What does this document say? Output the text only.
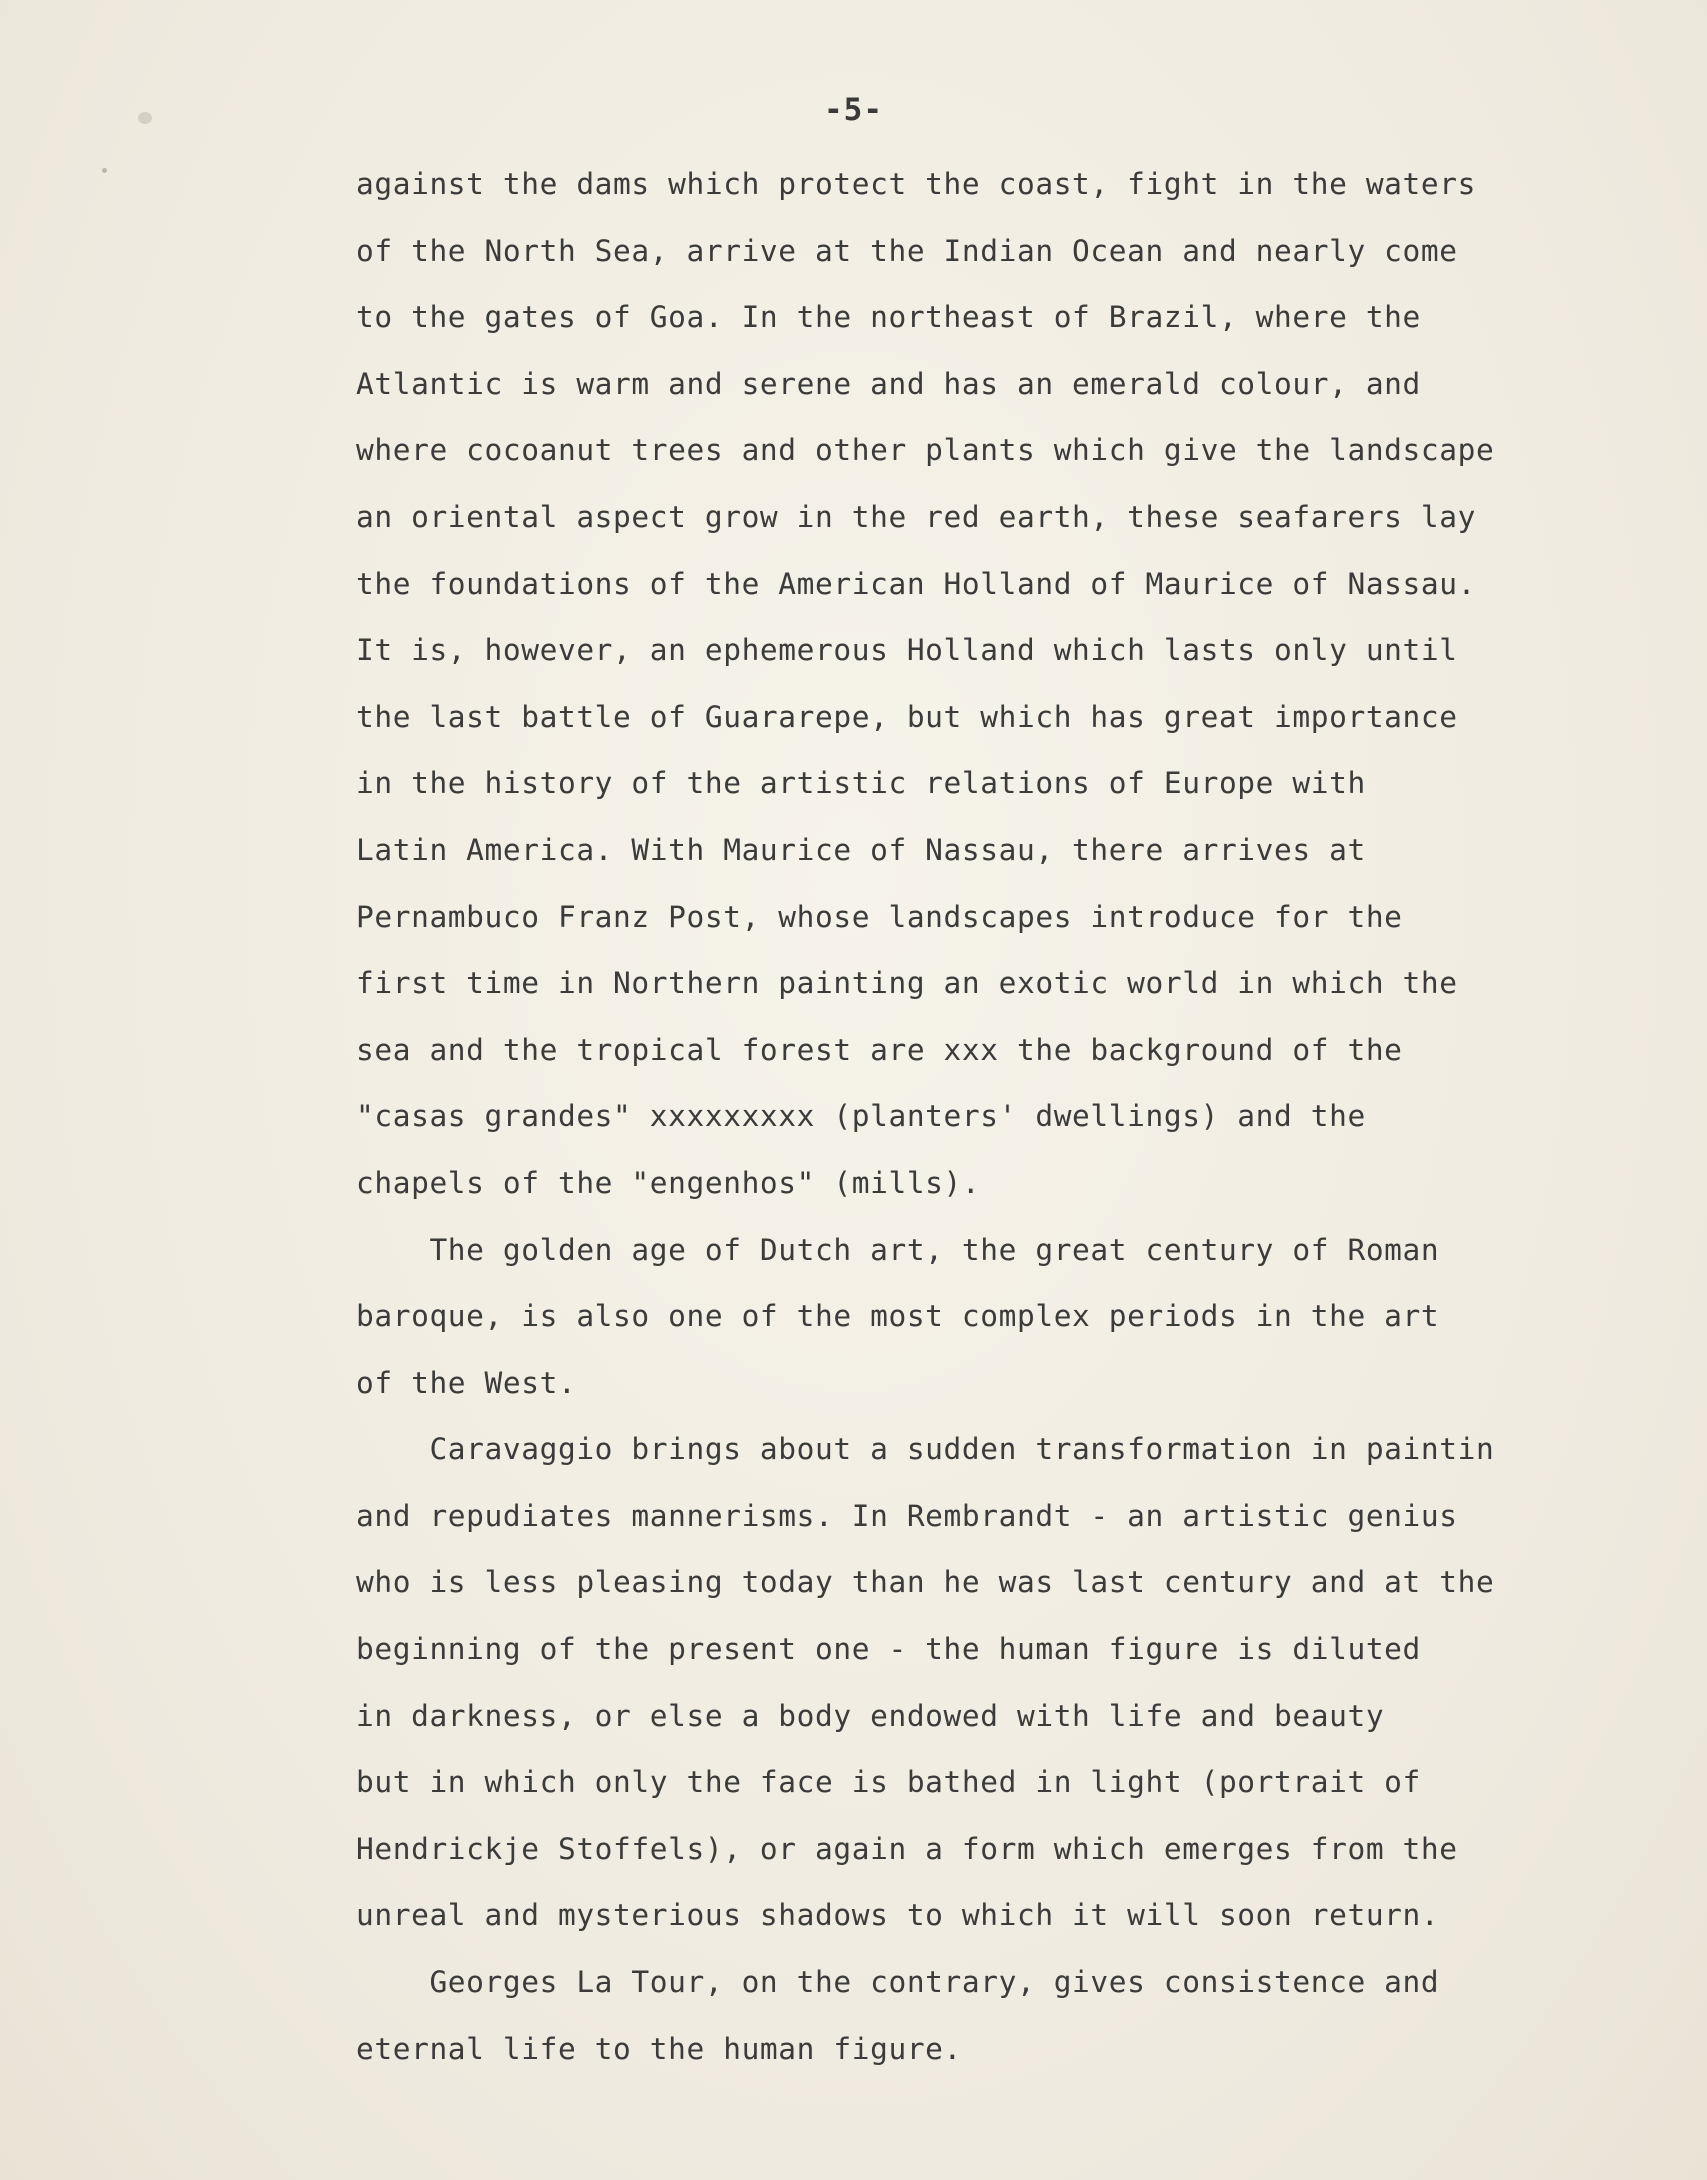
-5-
against the dams which protect the coast, fight in the waters
of the North Sea, arrive at the Indian Ocean and nearly come
to the gates of Goa. In the northeast of Brazil, where the
Atlantic is warm and serene and has an emerald colour, and
where cocoanut trees and other plants which give the landscape
an oriental aspect grow in the red earth, these seafarers lay
the foundations of the American Holland of Maurice of Nassau.
It is, however, an ephemerous Holland which lasts only until
the last battle of Guararepe, but which has great importance
in the history of the artistic relations of Europe with
Latin America. With Maurice of Nassau, there arrives at
Pernambuco Franz Post, whose landscapes introduce for the
first time in Northern painting an exotic world in which the
sea and the tropical forest are xxx the background of the
"casas grandes" xxxxxxxxx (planters' dwellings) and the
chapels of the "engenhos" (mills).
The golden age of Dutch art, the great century of Roman
baroque, is also one of the most complex periods in the art
of the West.
Caravaggio brings about a sudden transformation in paintin
and repudiates mannerisms. In Rembrandt - an artistic genius
who is less pleasing today than he was last century and at the
beginning of the present one - the human figure is diluted
in darkness, or else a body endowed with life and beauty
but in which only the face is bathed in light (portrait of
Hendrickje Stoffels), or again a form which emerges from the
unreal and mysterious shadows to which it will soon return.
Georges La Tour, on the contrary, gives consistence and
eternal life to the human figure.
